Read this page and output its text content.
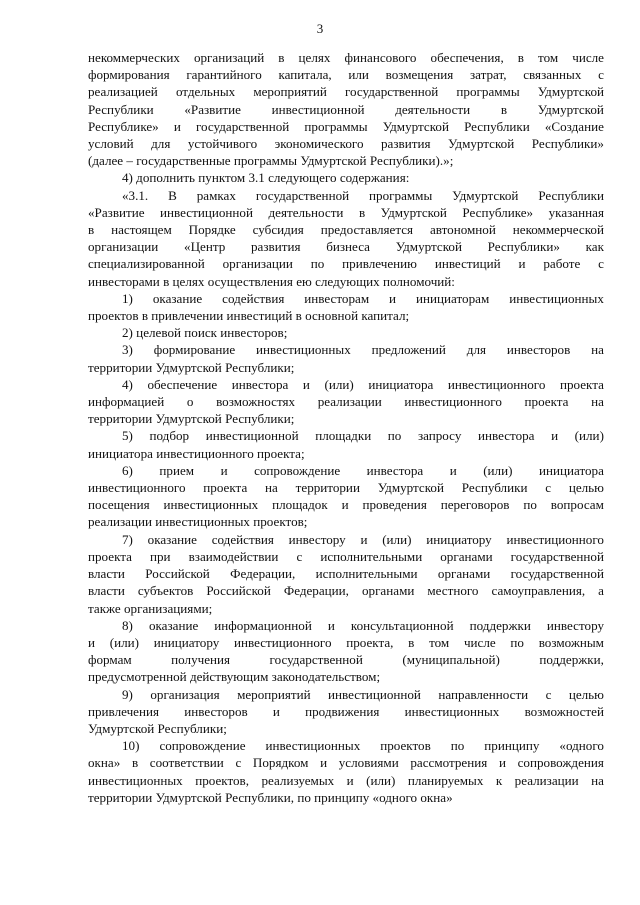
3
некоммерческих организаций в целях финансового обеспечения, в том числе
формирования гарантийного капитала, или возмещения затрат, связанных с
реализацией отдельных мероприятий государственной программы Удмуртской
Республики «Развитие инвестиционной деятельности в Удмуртской
Республике» и государственной программы Удмуртской Республики «Создание
условий для устойчивого экономического развития Удмуртской Республики»
(далее – государственные программы Удмуртской Республики).»;
4) дополнить пунктом 3.1 следующего содержания:
«3.1. В рамках государственной программы Удмуртской Республики
«Развитие инвестиционной деятельности в Удмуртской Республике» указанная
в настоящем Порядке субсидия предоставляется автономной некоммерческой
организации «Центр развития бизнеса Удмуртской Республики» как
специализированной организации по привлечению инвестиций и работе с
инвесторами в целях осуществления ею следующих полномочий:
1) оказание содействия инвесторам и инициаторам инвестиционных
проектов в привлечении инвестиций в основной капитал;
2) целевой поиск инвесторов;
3) формирование инвестиционных предложений для инвесторов на
территории Удмуртской Республики;
4) обеспечение инвестора и (или) инициатора инвестиционного проекта
информацией о возможностях реализации инвестиционного проекта на
территории Удмуртской Республики;
5) подбор инвестиционной площадки по запросу инвестора и (или)
инициатора инвестиционного проекта;
6) прием и сопровождение инвестора и (или) инициатора
инвестиционного проекта на территории Удмуртской Республики с целью
посещения инвестиционных площадок и проведения переговоров по вопросам
реализации инвестиционных проектов;
7) оказание содействия инвестору и (или) инициатору инвестиционного
проекта при взаимодействии с исполнительными органами государственной
власти Российской Федерации, исполнительными органами государственной
власти субъектов Российской Федерации, органами местного самоуправления, а
также организациями;
8) оказание информационной и консультационной поддержки инвестору
и (или) инициатору инвестиционного проекта, в том числе по возможным
формам	получения	государственной	(муниципальной)	поддержки,
предусмотренной действующим законодательством;
9) организация мероприятий инвестиционной направленности с целью
привлечения инвесторов и продвижения инвестиционных возможностей
Удмуртской Республики;
10) сопровождение инвестиционных проектов по принципу «одного
окна» в соответствии с Порядком и условиями рассмотрения и сопровождения
инвестиционных проектов, реализуемых и (или) планируемых к реализации на
территории Удмуртской Республики, по принципу «одного окна»
